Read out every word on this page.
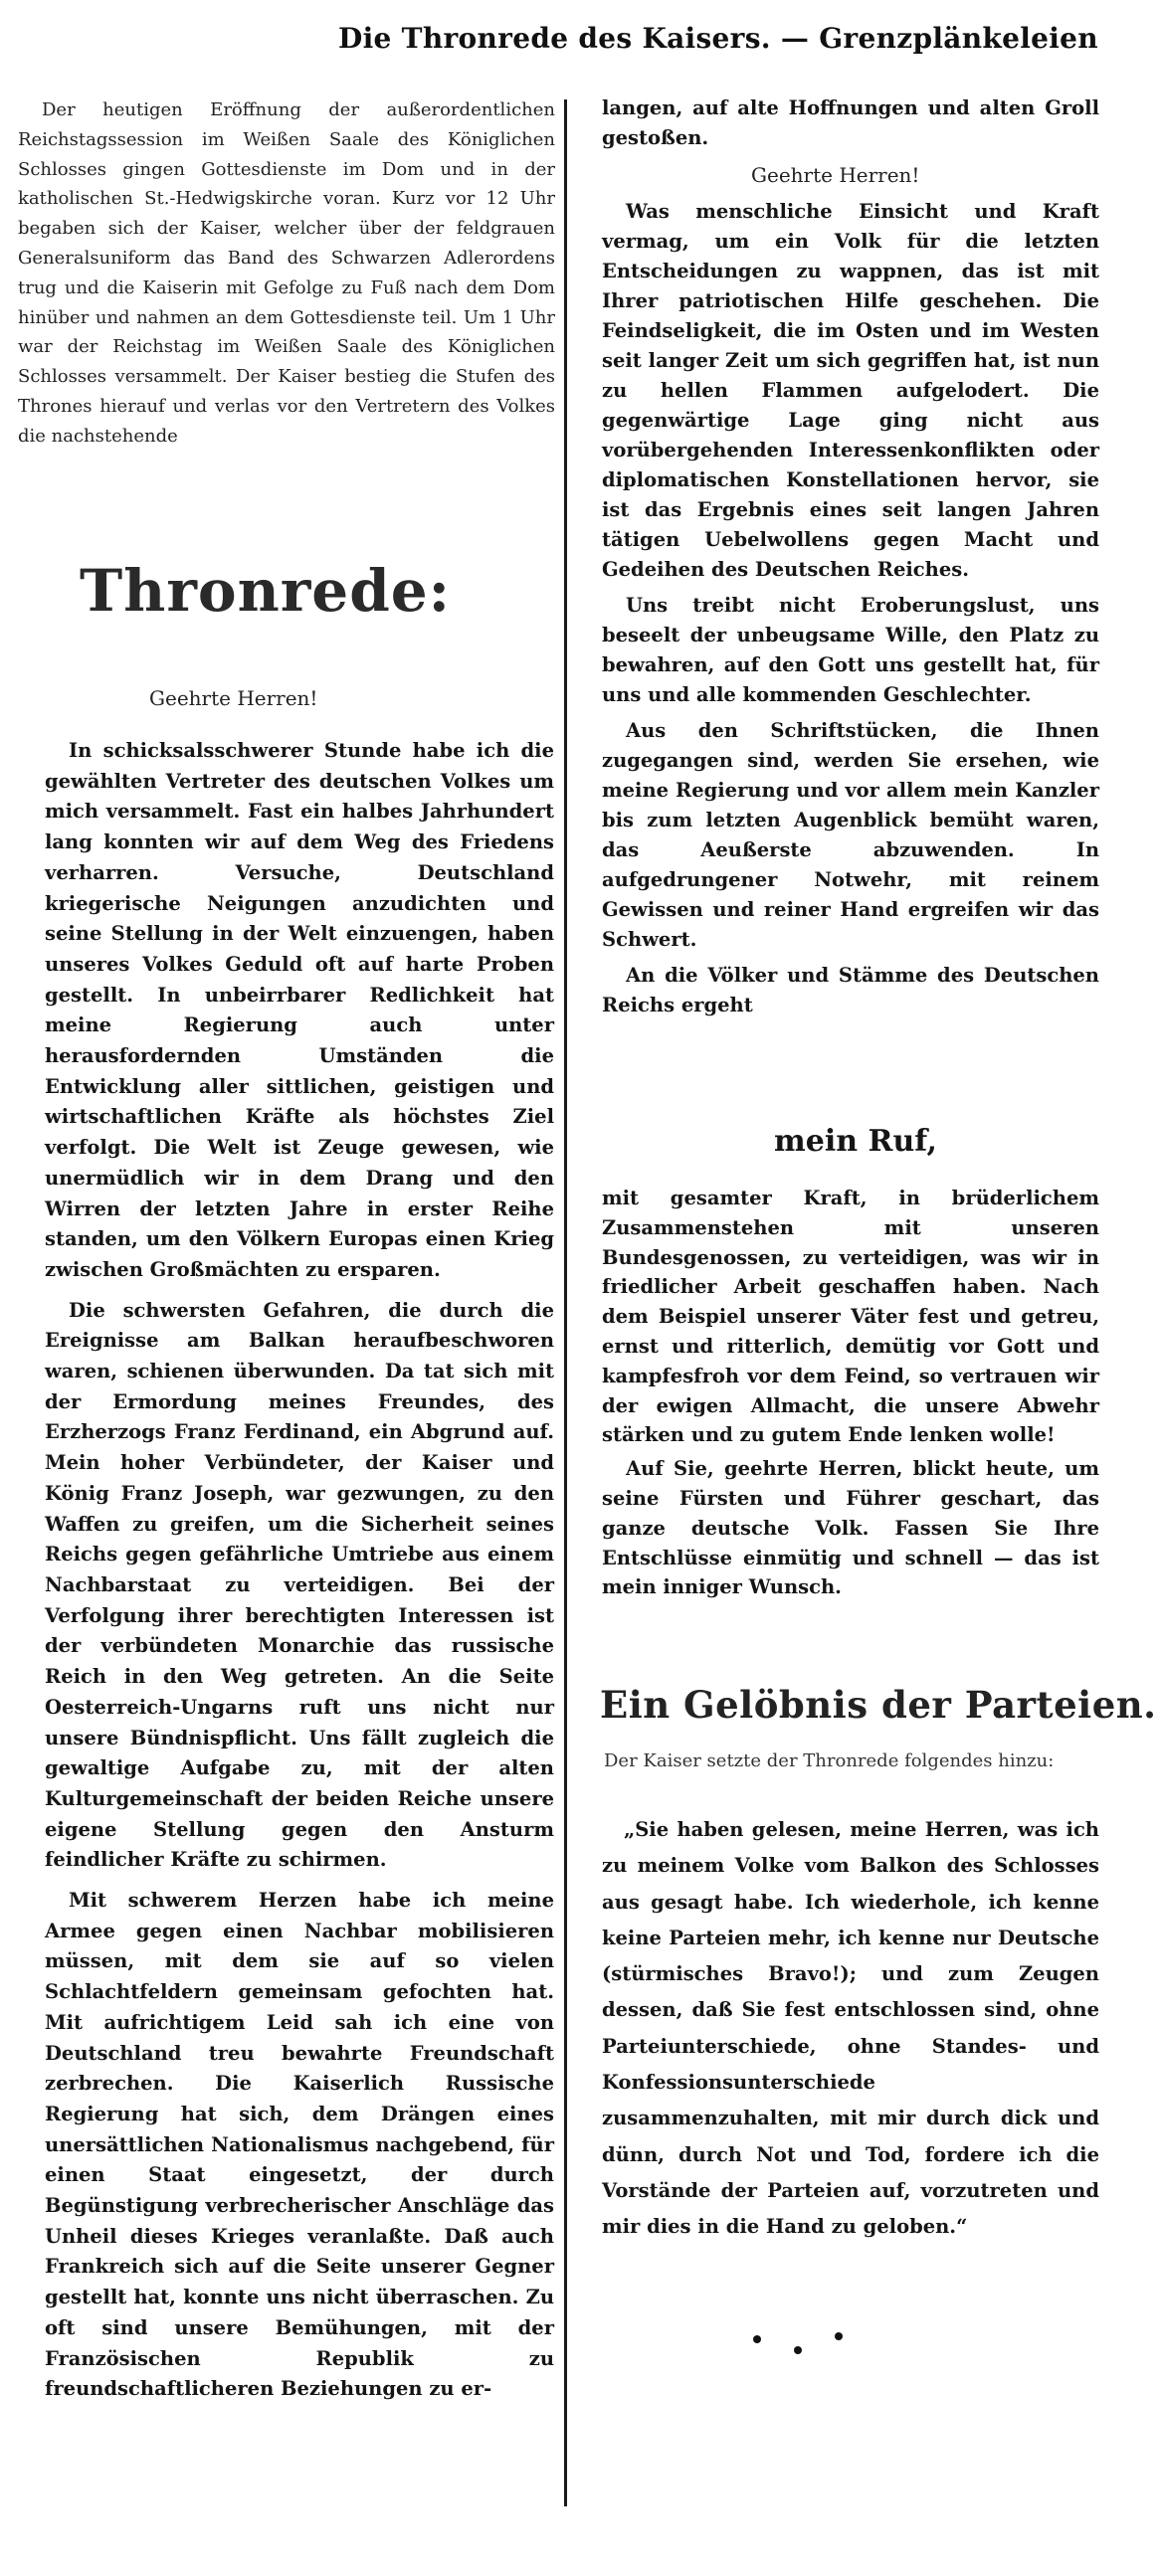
Die Thronrede des Kaisers. — Grenzplänkeleien

Der heutigen Eröffnung der außerordentlichen Reichstagssession im Weißen Saale des Königlichen Schlosses gingen Gottesdienste im Dom und in der katholischen St.-Hedwigskirche voran. Kurz vor 12 Uhr begaben sich der Kaiser, welcher über der feldgrauen Generalsuniform das Band des Schwarzen Adlerordens trug und die Kaiserin mit Gefolge zu Fuß nach dem Dom hinüber und nahmen an dem Gottesdienste teil. Um 1 Uhr war der Reichstag im Weißen Saale des Königlichen Schlosses versammelt. Der Kaiser bestieg die Stufen des Thrones hierauf und verlas vor den Vertretern des Volkes die nachstehende

Thronrede:
Geehrte Herren!

In schicksalsschwerer Stunde habe ich die gewählten Vertreter des deutschen Volkes um mich versammelt. Fast ein halbes Jahrhundert lang konnten wir auf dem Weg des Friedens verharren. Versuche, Deutschland kriegerische Neigungen anzudichten und seine Stellung in der Welt einzuengen, haben unseres Volkes Geduld oft auf harte Proben gestellt. In unbeirrbarer Redlichkeit hat meine Regierung auch unter herausfordernden Umständen die Entwicklung aller sittlichen, geistigen und wirtschaftlichen Kräfte als höchstes Ziel verfolgt. Die Welt ist Zeuge gewesen, wie unermüdlich wir in dem Drang und den Wirren der letzten Jahre in erster Reihe standen, um den Völkern Europas einen Krieg zwischen Großmächten zu ersparen.

Die schwersten Gefahren, die durch die Ereignisse am Balkan heraufbeschworen waren, schienen überwunden. Da tat sich mit der Ermordung meines Freundes, des Erzherzogs Franz Ferdinand, ein Abgrund auf. Mein hoher Verbündeter, der Kaiser und König Franz Joseph, war gezwungen, zu den Waffen zu greifen, um die Sicherheit seines Reichs gegen gefährliche Umtriebe aus einem Nachbarstaat zu verteidigen. Bei der Verfolgung ihrer berechtigten Interessen ist der verbündeten Monarchie das russische Reich in den Weg getreten. An die Seite Oesterreich-Ungarns ruft uns nicht nur unsere Bündnispflicht. Uns fällt zugleich die gewaltige Aufgabe zu, mit der alten Kulturgemeinschaft der beiden Reiche unsere eigene Stellung gegen den Ansturm feindlicher Kräfte zu schirmen.

Mit schwerem Herzen habe ich meine Armee gegen einen Nachbar mobilisieren müssen, mit dem sie auf so vielen Schlachtfeldern gemeinsam gefochten hat. Mit aufrichtigem Leid sah ich eine von Deutschland treu bewahrte Freundschaft zerbrechen. Die Kaiserlich Russische Regierung hat sich, dem Drängen eines unersättlichen Nationalismus nachgebend, für einen Staat eingesetzt, der durch Begünstigung verbrecherischer Anschläge das Unheil dieses Krieges veranlaßte. Daß auch Frankreich sich auf die Seite unserer Gegner gestellt hat, konnte uns nicht überraschen. Zu oft sind unsere Bemühungen, mit der Französischen Republik zu freundschaftlicheren Beziehungen zu er-

langen, auf alte Hoffnungen und alten Groll gestoßen.

Geehrte Herren!

Was menschliche Einsicht und Kraft vermag, um ein Volk für die letzten Entscheidungen zu wappnen, das ist mit Ihrer patriotischen Hilfe geschehen. Die Feindseligkeit, die im Osten und im Westen seit langer Zeit um sich gegriffen hat, ist nun zu hellen Flammen aufgelodert. Die gegenwärtige Lage ging nicht aus vorübergehenden Interessenkonflikten oder diplomatischen Konstellationen hervor, sie ist das Ergebnis eines seit langen Jahren tätigen Uebelwollens gegen Macht und Gedeihen des Deutschen Reiches.

Uns treibt nicht Eroberungslust, uns beseelt der unbeugsame Wille, den Platz zu bewahren, auf den Gott uns gestellt hat, für uns und alle kommenden Geschlechter.

Aus den Schriftstücken, die Ihnen zugegangen sind, werden Sie ersehen, wie meine Regierung und vor allem mein Kanzler bis zum letzten Augenblick bemüht waren, das Aeußerste abzuwenden. In aufgedrungener Notwehr, mit reinem Gewissen und reiner Hand ergreifen wir das Schwert.

An die Völker und Stämme des Deutschen Reichs ergeht

mein Ruf,

mit gesamter Kraft, in brüderlichem Zusammenstehen mit unseren Bundesgenossen, zu verteidigen, was wir in friedlicher Arbeit geschaffen haben. Nach dem Beispiel unserer Väter fest und getreu, ernst und ritterlich, demütig vor Gott und kampfesfroh vor dem Feind, so vertrauen wir der ewigen Allmacht, die unsere Abwehr stärken und zu gutem Ende lenken wolle!

Auf Sie, geehrte Herren, blickt heute, um seine Fürsten und Führer geschart, das ganze deutsche Volk. Fassen Sie Ihre Entschlüsse einmütig und schnell — das ist mein inniger Wunsch.

Ein Gelöbnis der Parteien.

Der Kaiser setzte der Thronrede folgendes hinzu:

„Sie haben gelesen, meine Herren, was ich zu meinem Volke vom Balkon des Schlosses aus gesagt habe. Ich wiederhole, ich kenne keine Parteien mehr, ich kenne nur Deutsche (stürmisches Bravo!); und zum Zeugen dessen, daß Sie fest entschlossen sind, ohne Parteiunterschiede, ohne Standes- und Konfessionsunterschiede zusammenzuhalten, mit mir durch dick und dünn, durch Not und Tod, fordere ich die Vorstände der Parteien auf, vorzutreten und mir dies in die Hand zu geloben.“
